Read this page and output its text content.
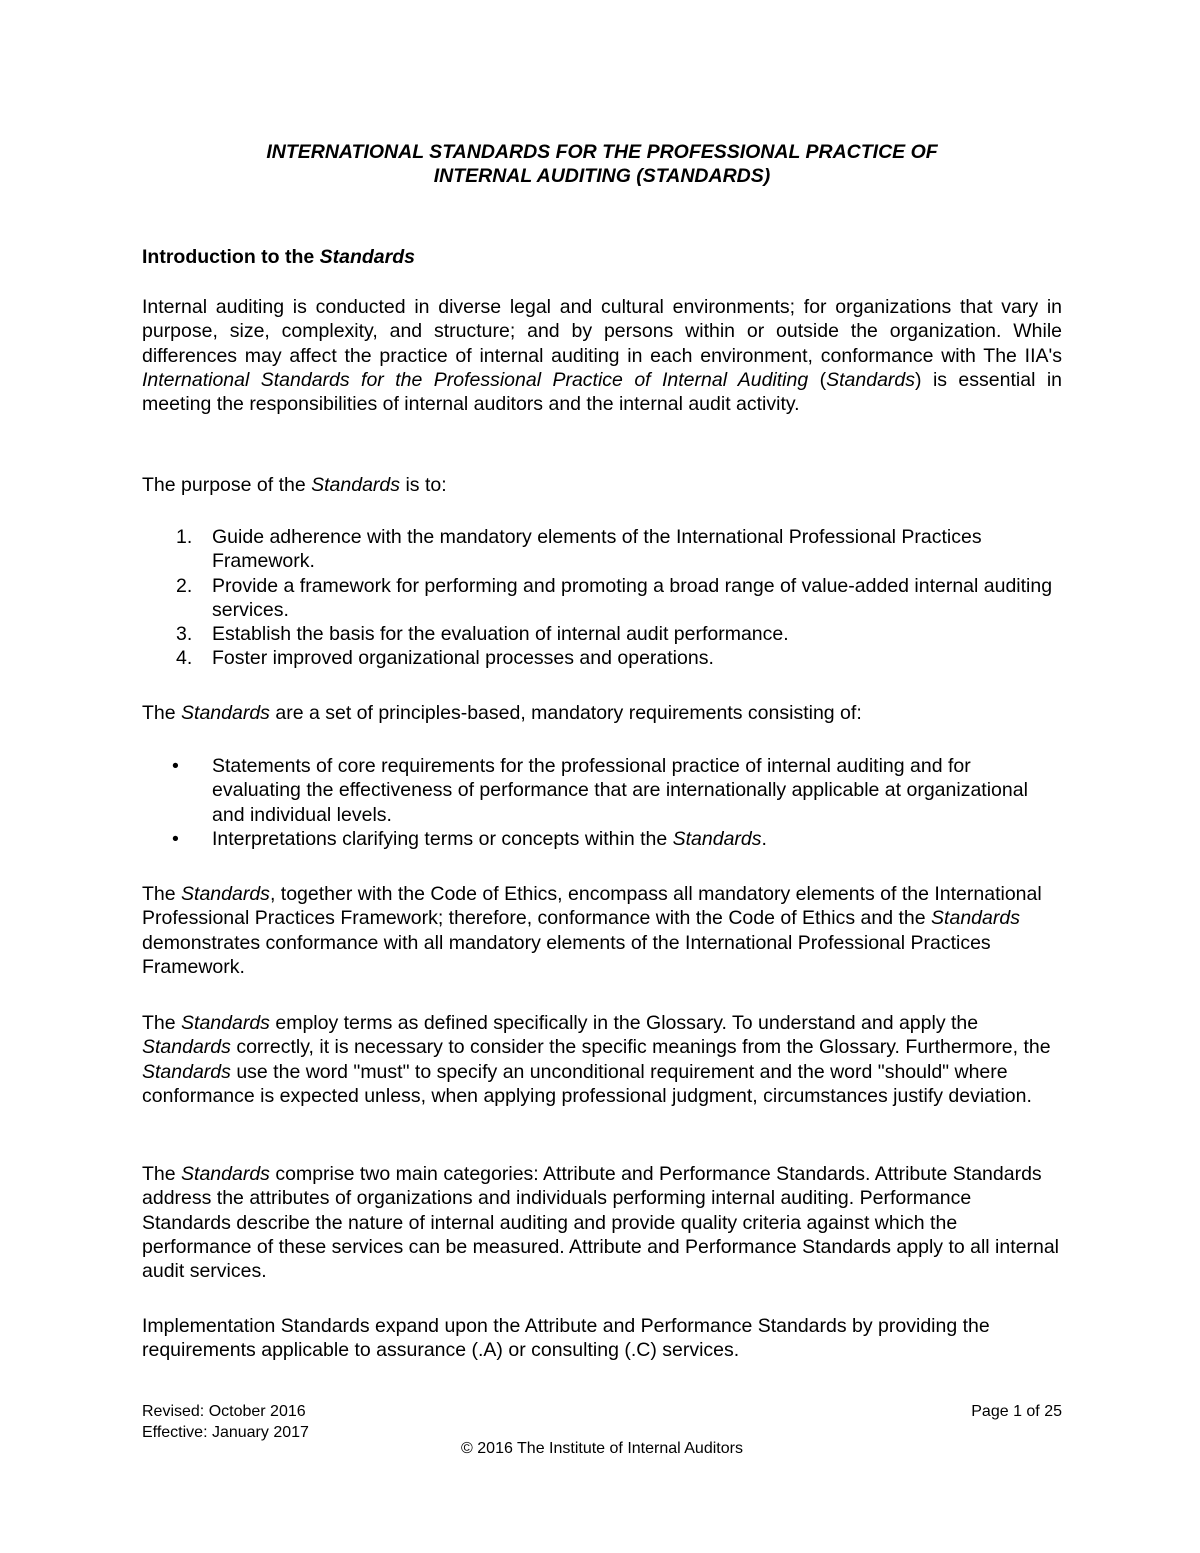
INTERNATIONAL STANDARDS FOR THE PROFESSIONAL PRACTICE OF
INTERNAL AUDITING (STANDARDS)

Introduction to the Standards

Internal auditing is conducted in diverse legal and cultural environments; for organizations that vary in purpose, size, complexity, and structure; and by persons within or outside the organization. While differences may affect the practice of internal auditing in each environment, conformance with The IIA's International Standards for the Professional Practice of Internal Auditing (Standards) is essential in meeting the responsibilities of internal auditors and the internal audit activity.

The purpose of the Standards is to:

1. Guide adherence with the mandatory elements of the International Professional Practices Framework.
2. Provide a framework for performing and promoting a broad range of value-added internal auditing services.
3. Establish the basis for the evaluation of internal audit performance.
4. Foster improved organizational processes and operations.

The Standards are a set of principles-based, mandatory requirements consisting of:

• Statements of core requirements for the professional practice of internal auditing and for evaluating the effectiveness of performance that are internationally applicable at organizational and individual levels.
• Interpretations clarifying terms or concepts within the Standards.

The Standards, together with the Code of Ethics, encompass all mandatory elements of the International Professional Practices Framework; therefore, conformance with the Code of Ethics and the Standards demonstrates conformance with all mandatory elements of the International Professional Practices Framework.

The Standards employ terms as defined specifically in the Glossary. To understand and apply the Standards correctly, it is necessary to consider the specific meanings from the Glossary. Furthermore, the Standards use the word "must" to specify an unconditional requirement and the word "should" where conformance is expected unless, when applying professional judgment, circumstances justify deviation.

The Standards comprise two main categories: Attribute and Performance Standards. Attribute Standards address the attributes of organizations and individuals performing internal auditing. Performance Standards describe the nature of internal auditing and provide quality criteria against which the performance of these services can be measured. Attribute and Performance Standards apply to all internal audit services.

Implementation Standards expand upon the Attribute and Performance Standards by providing the requirements applicable to assurance (.A) or consulting (.C) services.

Revised: October 2016
Effective: January 2017
Page 1 of 25
© 2016 The Institute of Internal Auditors
